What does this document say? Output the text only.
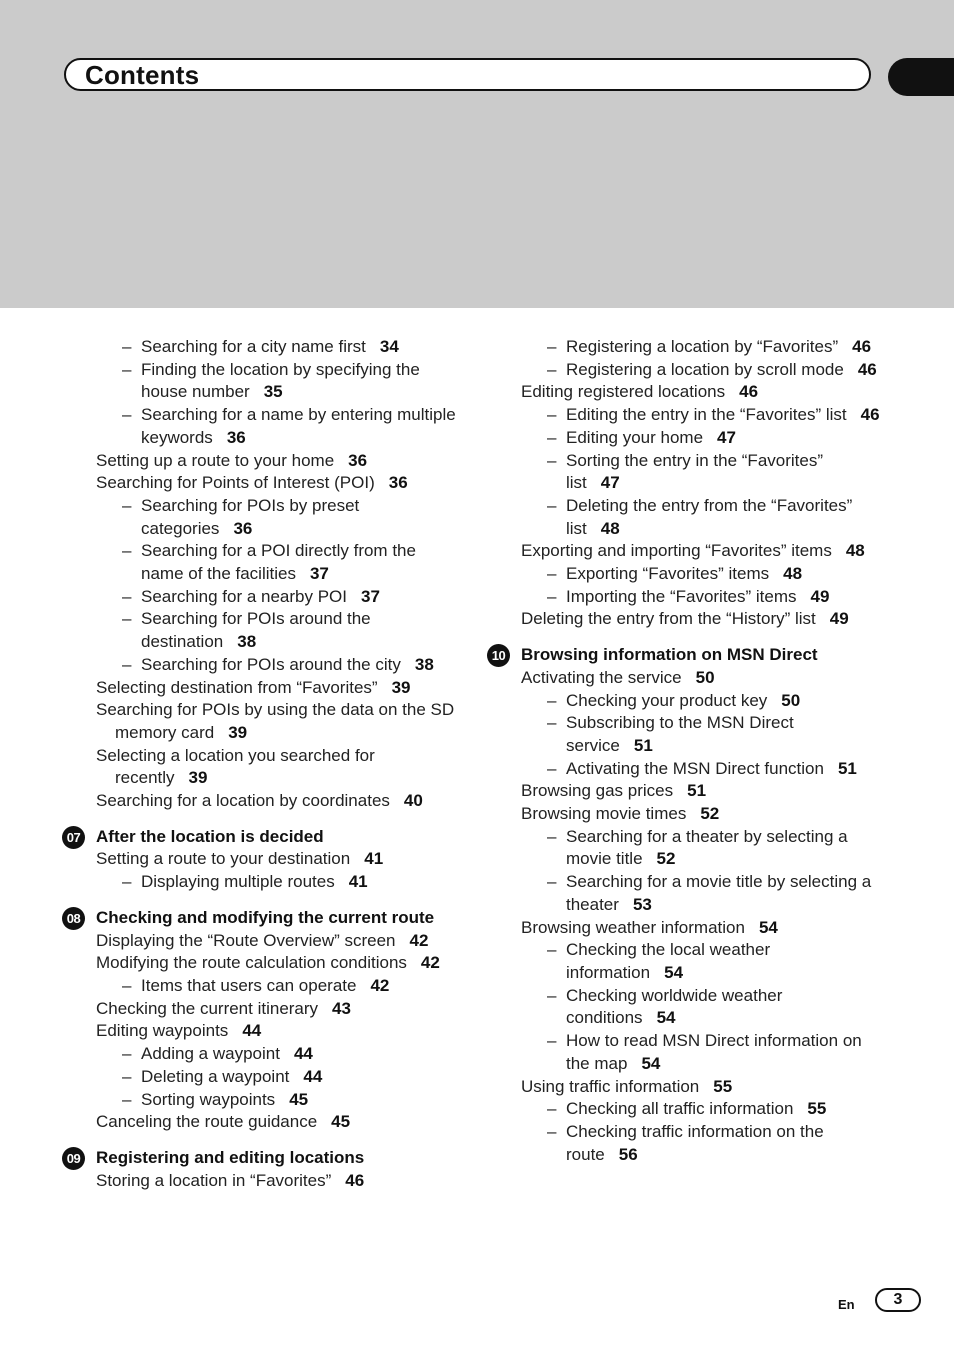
Contents
– Searching for a city name first 34
– Finding the location by specifying the house number 35
– Searching for a name by entering multiple keywords 36
Setting up a route to your home 36
Searching for Points of Interest (POI) 36
– Searching for POIs by preset categories 36
– Searching for a POI directly from the name of the facilities 37
– Searching for a nearby POI 37
– Searching for POIs around the destination 38
– Searching for POIs around the city 38
Selecting destination from “Favorites” 39
Searching for POIs by using the data on the SD memory card 39
Selecting a location you searched for recently 39
Searching for a location by coordinates 40
07 After the location is decided
Setting a route to your destination 41
– Displaying multiple routes 41
08 Checking and modifying the current route
Displaying the “Route Overview” screen 42
Modifying the route calculation conditions 42
– Items that users can operate 42
Checking the current itinerary 43
Editing waypoints 44
– Adding a waypoint 44
– Deleting a waypoint 44
– Sorting waypoints 45
Canceling the route guidance 45
09 Registering and editing locations
Storing a location in “Favorites” 46
– Registering a location by “Favorites” 46
– Registering a location by scroll mode 46
Editing registered locations 46
– Editing the entry in the “Favorites” list 46
– Editing your home 47
– Sorting the entry in the “Favorites” list 47
– Deleting the entry from the “Favorites” list 48
Exporting and importing “Favorites” items 48
– Exporting “Favorites” items 48
– Importing the “Favorites” items 49
Deleting the entry from the “History” list 49
10 Browsing information on MSN Direct
Activating the service 50
– Checking your product key 50
– Subscribing to the MSN Direct service 51
– Activating the MSN Direct function 51
Browsing gas prices 51
Browsing movie times 52
– Searching for a theater by selecting a movie title 52
– Searching for a movie title by selecting a theater 53
Browsing weather information 54
– Checking the local weather information 54
– Checking worldwide weather conditions 54
– How to read MSN Direct information on the map 54
Using traffic information 55
– Checking all traffic information 55
– Checking traffic information on the route 56
En	3
